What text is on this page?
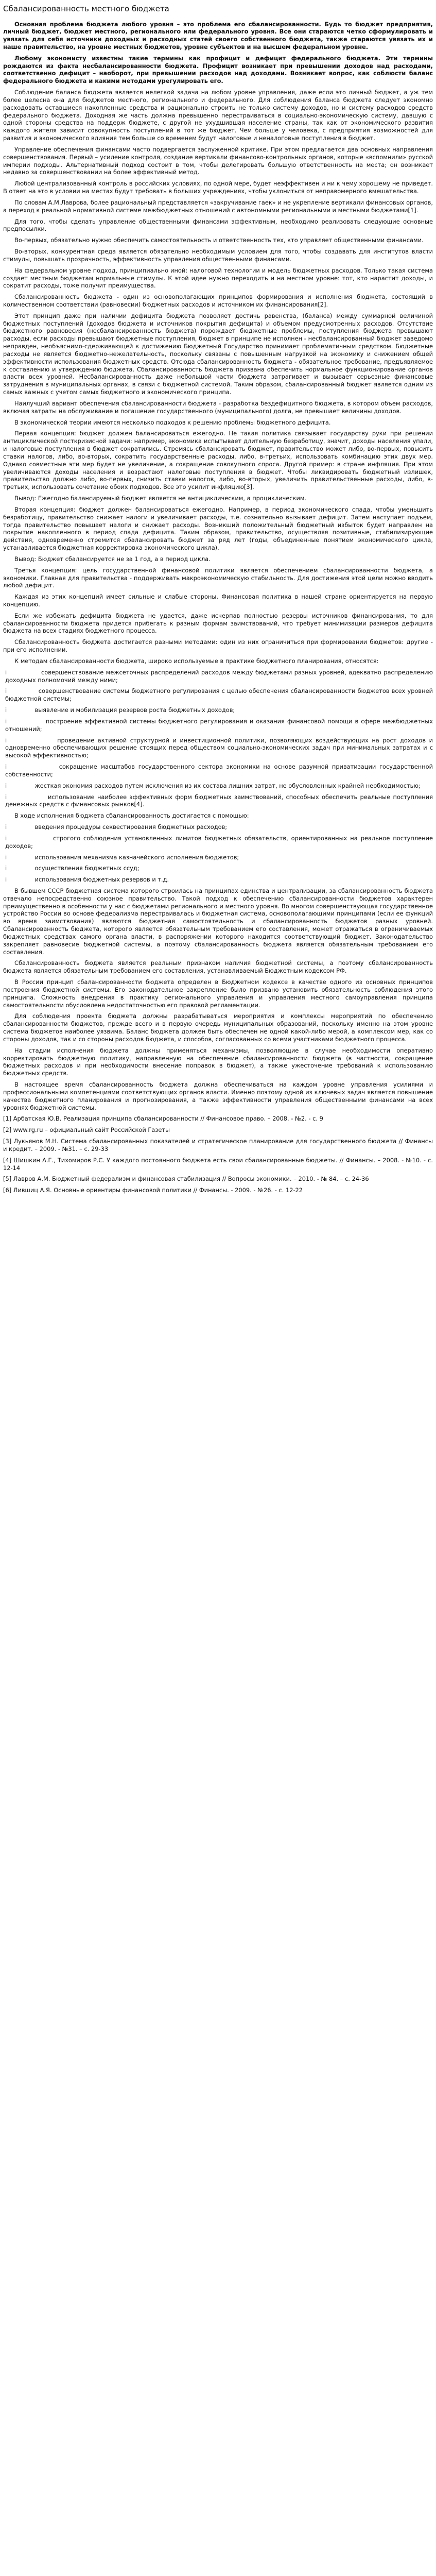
Сбалансированность местного бюджета

Основная проблема бюджета любого уровня – это проблема его сбалансированности. Будь то бюджет предприятия, личный бюджет, бюджет местного, регионального или федерального уровня. Все они стараются четко сформулировать и увязать для себя источники доходных и расходных статей своего собственного бюджета, также стараются увязать их и наше правительство, на уровне местных бюджетов, уровне субъектов и на высшем федеральном уровне.

Любому экономисту известны такие термины как профицит и дефицит федерального бюджета. Эти термины рождаются из факта несбалансированности бюджета. Профицит возникает при превышении доходов над расходами, соответственно дефицит – наоборот, при превышении расходов над доходами. Возникает вопрос, как соблюсти баланс федерального бюджета и какими методами урегулировать его.

Соблюдение баланса бюджета является нелегкой задача на любом уровне управления, даже если это личный бюджет, а уж тем более целесна она для бюджетов местного, регионального и федерального. Для соблюдения баланса бюджета следует экономно расходовать оставшиеся накопленные средства и рационально строить не только систему доходов, но и систему расходов средств федерального бюджета. Доходная же часть должна превышенно перестраиваться в социально-экономическую систему, давшую с одной стороны средства на поддерж бюджете, с другой не ухудшившая население страны, так как от экономического развития каждого жителя зависит совокупность поступлений в тот же бюджет. Чем больше у человека, с предприятия возможностей для развития и экономического влияния тем больше со временем будут налоговые и неналоговые поступления в бюджет.

Управление обеспечения финансами часто подвергается заслуженной критике. При этом предлагается два основных направления совершенствования. Первый – усиление контроля, создание вертикали финансово-контрольных органов, которые «вспомнили» русской империи подходы. Альтернативный подход состоит в том, чтобы делегировать большую ответственность на места; он возникает недавно за совершенствовании на более эффективный метод.

Любой централизованный контроль в российских условиях, по одной мере, будет неэффективен и ни к чему хорошему не приведет. В ответ на это в условии на местах будут требовать в больших учреждениях, чтобы уклониться от неправомерного вмешательства.

По словам А.М.Лаврова, более рациональный представляется «закручивание гаек» и не укрепление вертикали финансовых органов, а переход к реальной нормативной системе межбюджетных отношений с автономными региональными и местными бюджетами[1].

Для того, чтобы сделать управление общественными финансами эффективным, необходимо реализовать следующие основные предпосылки.

Во-первых, обязательно нужно обеспечить самостоятельность и ответственность тех, кто управляет общественными финансами.

Во-вторых, конкурентная среда является обязательно необходимым условием для того, чтобы создавать для институтов власти стимулы, повышать прозрачность, эффективность управления общественными финансами.

На федеральном уровне подход, принципиально иной: налоговой технологии и модель бюджетных расходов. Только такая система создает местным бюджетам нормальные стимулы. К этой идее нужно переходить и на местном уровне: тот, кто нарастит доходы, и сократит расходы, тоже получит преимущества.

Сбалансированность бюджета - один из основополагающих принципов формирования и исполнения бюджета, состоящий в количественном соответствии (равновесии) бюджетных расходов и источником их финансирования[2].

Этот принцип даже при наличии дефицита бюджета позволяет достичь равенства, (баланса) между суммарной величиной бюджетных поступлений (доходов бюджета и источников покрытия дефицита) и объемом предусмотренных расходов. Отсутствие бюджетного равновесия (несбалансированность бюджета) порождает бюджетные проблемы, поступления бюджета превышают расходы, если расходы превышают бюджетные поступления, бюджет в принципе не исполнен - несбалансированный бюджет заведомо неправден, необъяснимо-сдерживающей к достижению Бюджетный Государство принимает проблематичным средством. Бюджетные расходы не является бюджетно-нежелательность, поскольку связаны с повышенным нагрузкой на экономику и снижением общей эффективности использования бюджетных средств. Отсюда сбалансированность бюджета - обязательное требование, предъявляемое к составлению и утверждению бюджета. Сбалансированность бюджета призвана обеспечить нормальное функционирование органов власти всех уровней. Несбалансированность даже небольшой части бюджета затрагивает и вызывает серьезные финансовые затруднения в муниципальных органах, в связи с бюджетной системой. Таким образом, сбалансированный бюджет является одним из самых важных с учетом самых бюджетного и экономического принципа.

Наилучший вариант обеспечения сбалансированности бюджета - разработка бездефицитного бюджета, в котором объем расходов, включая затраты на обслуживание и погашение государственного (муниципального) долга, не превышает величины доходов.

В экономической теории имеются несколько подходов к решению проблемы бюджетного дефицита.

Первая концепция: бюджет должен балансироваться ежегодно. Не такая политика связывает государству руки при решении антициклической посткризисной задачи: например, экономика испытывает длительную безработицу, значит, доходы населения упали, и налоговые поступления в бюджет сократились. Стремясь сбалансировать бюджет, правительство может либо, во-первых, повысить ставки налогов, либо, во-вторых, сократить государственные расходы, либо, в-третьих, использовать комбинацию этих двух мер. Однако совместные эти мер будет не увеличение, а сокращение совокупного спроса. Другой пример: в стране инфляция. При этом увеличиваются доходы населения и возрастают налоговые поступления в бюджет. Чтобы ликвидировать бюджетный излишек, правительство должно либо, во-первых, снизить ставки налогов, либо, во-вторых, увеличить правительственные расходы, либо, в-третьих, использовать сочетание обоих подходов. Все это усилит инфляцию[3].

Вывод: Ежегодно балансируемый бюджет является не антициклическим, а проциклическим.

Вторая концепция: бюджет должен балансироваться ежегодно. Например, в период экономического спада, чтобы уменьшить безработицу, правительство снижает налоги и увеличивает расходы, т.е. сознательно вызывает дефицит. Затем наступает подъем, тогда правительство повышает налоги и снижает расходы. Возникший положительный бюджетный избыток будет направлен на покрытие накопленного в период спада дефицита. Таким образом, правительство, осуществляя позитивные, стабилизирующие действия, одновременно стремится сбалансировать бюджет за ряд лет (годы, объединенные понятием экономического цикла, устанавливается бюджетная корректировка экономического цикла).

Вывод: Бюджет сбалансируется не за 1 год, а в период цикла.

Третья концепция: цель государственной финансовой политики является обеспечением сбалансированности бюджета, а экономики. Главная для правительства - поддерживать макроэкономическую стабильность. Для достижения этой цели можно вводить любой дефицит.

Каждая из этих концепций имеет сильные и слабые стороны. Финансовая политика в нашей стране ориентируется на первую концепцию.

Если же избежать дефицита бюджета не удается, даже исчерпав полностью резервы источников финансирования, то для сбалансированности бюджета придется прибегать к разным формам заимствований, что требует минимизации размеров дефицита бюджета на всех стадиях бюджетного процесса.

Сбалансированность бюджета достигается разными методами: один из них ограничиться при формировании бюджетов: другие - при его исполнении.

К методам сбалансированности бюджета, широко используемые в практике бюджетного планирования, относятся:

i               совершенствование межсеточных распределений расходов между бюджетами разных уровней, адекватно распределению доходных полномочий между ними;

i               совершенствование системы бюджетного регулирования с целью обеспечения сбалансированности бюджетов всех уровней бюджетной системы;

i               выявление и мобилизация резервов роста бюджетных доходов;

i               построение эффективной системы бюджетного регулирования и оказания финансовой помощи в сфере межбюджетных отношений;

i               проведение активной структурной и инвестиционной политики, позволяющих воздействующих на рост доходов и одновременно обеспечивающих решение стоящих перед обществом социально-экономических задач при минимальных затратах и с высокой эффективностью;

i               сокращение масштабов государственного сектора экономики на основе разумной приватизации государственной собственности;

i               жесткая экономия расходов путем исключения из их состава лишних затрат, не обусловленных крайней необходимостью;

i               использование наиболее эффективных форм бюджетных заимствований, способных обеспечить реальные поступления денежных средств с финансовых рынков[4].

В ходе исполнения бюджета сбалансированность достигается с помощью:

i               введения процедуры секвестирования бюджетных расходов;

i               строгого соблюдения установленных лимитов бюджетных обязательств, ориентированных на реальное поступление доходов;

i               использования механизма казначейского исполнения бюджетов;

i               осуществления бюджетных ссуд;

i               использования бюджетных резервов и т.д.

В бывшем СССР бюджетная система которого строилась на принципах единства и централизации, за сбалансированность бюджета отвечало непосредственно союзное правительство. Такой подход к обеспечению сбалансированности бюджетов характерен преимущественно в особенности у нас с бюджетами регионального и местного уровня. Во многом совершенствующая государственное устройство России во основе федерализма перестраивалась и бюджетная система, основополагающими принципами (если ее функций во время заимствования) являются бюджетная самостоятельность и сбалансированность бюджетов разных уровней. Сбалансированность бюджета, которого является обязательным требованием его составления, может отражаться в ограничиваемых бюджетных средствах самого органа власти, в распоряжении которого находится соответствующий бюджет. Законодательство закрепляет равновесие бюджетной системы, а поэтому сбалансированность бюджета является обязательным требованием его составления.

Сбалансированность бюджета является реальным признаком наличия бюджетной системы, а поэтому сбалансированность бюджета является обязательным требованием его составления, устанавливаемый Бюджетным кодексом РФ.

В России принцип сбалансированности бюджета определен в Бюджетном кодексе в качестве одного из основных принципов построения бюджетной системы. Его законодательное закрепление было призвано установить обязательность соблюдения этого принципа. Сложность внедрения в практику регионального управления и управления местного самоуправления принципа самостоятельности обусловлена недостаточностью его правовой регламентации.

Для соблюдения проекта бюджета должны разрабатываться мероприятия и комплексы мероприятий по обеспечению сбалансированности бюджетов, прежде всего и в первую очередь муниципальных образований, поскольку именно на этом уровне система бюджетов наиболее уязвима. Баланс бюджета должен быть обеспечен не одной какой-либо мерой, а комплексом мер, как со стороны доходов, так и со стороны расходов бюджета, и способов, согласованных со всеми участниками бюджетного процесса.

На стадии исполнения бюджета должны применяться механизмы, позволяющие в случае необходимости оперативно корректировать бюджетную политику, направленную на обеспечение сбалансированности бюджета (в частности, сокращение бюджетных расходов и при необходимости внесение поправок в бюджет), а также ужесточение требований к использованию бюджетных средств.

В настоящее время сбалансированность бюджета должна обеспечиваться на каждом уровне управления усилиями и профессиональными компетенциями соответствующих органов власти. Именно поэтому одной из ключевых задач является повышение качества бюджетного планирования и прогнозирования, а также эффективности управления общественными финансами на всех уровнях бюджетной системы.

[1] Арбатская Ю.В. Реализация принципа сбалансированности // Финансовое право. – 2008. - №2. - с. 9

[2] www.rg.ru – официальный сайт Российской Газеты

[3] Лукьянов М.Н. Система сбалансированных показателей и стратегическое планирование для государственного бюджета // Финансы и кредит. – 2009. - №31. – с. 29-33

[4] Шишкин А.Г., Тихомиров Р.С. У каждого постоянного бюджета есть свои сбалансированные бюджеты. // Финансы. – 2008. - №10. - с. 12-14

[5] Лавров А.М. Бюджетный федерализм и финансовая стабилизация // Вопросы экономики. – 2010. - № 84. – с. 24-36

[6] Лившиц А.Я. Основные ориентиры финансовой политики // Финансы. - 2009. - №26. - с. 12-22
